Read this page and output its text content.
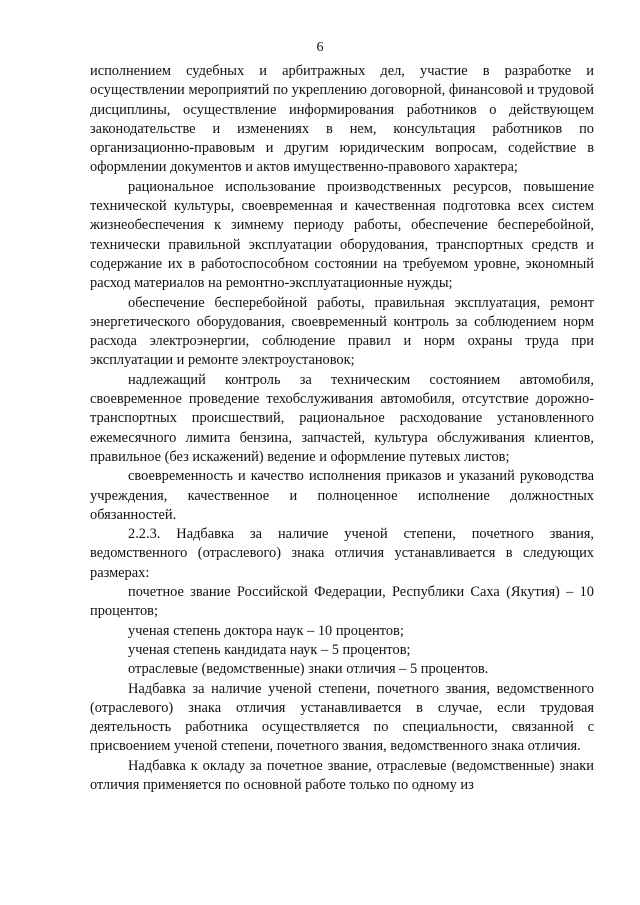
6

исполнением судебных и арбитражных дел, участие в разработке и осуществлении мероприятий по укреплению договорной, финансовой и трудовой дисциплины, осуществление информирования работников о действующем законодательстве и изменениях в нем, консультация работников по организационно-правовым и другим юридическим вопросам, содействие в оформлении документов и актов имущественно-правового характера;

рациональное использование производственных ресурсов, повышение технической культуры, своевременная и качественная подготовка всех систем жизнеобеспечения к зимнему периоду работы, обеспечение бесперебойной, технически правильной эксплуатации оборудования, транспортных средств и содержание их в работоспособном состоянии на требуемом уровне, экономный расход материалов на ремонтно-эксплуатационные нужды;

обеспечение бесперебойной работы, правильная эксплуатация, ремонт энергетического оборудования, своевременный контроль за соблюдением норм расхода электроэнергии, соблюдение правил и норм охраны труда при эксплуатации и ремонте электроустановок;

надлежащий контроль за техническим состоянием автомобиля, своевременное проведение техобслуживания автомобиля, отсутствие дорожно-транспортных происшествий, рациональное расходование установленного ежемесячного лимита бензина, запчастей, культура обслуживания клиентов, правильное (без искажений) ведение и оформление путевых листов;

своевременность и качество исполнения приказов и указаний руководства учреждения, качественное и полноценное исполнение должностных обязанностей.

2.2.3. Надбавка за наличие ученой степени, почетного звания, ведомственного (отраслевого) знака отличия устанавливается в следующих размерах:

почетное звание Российской Федерации, Республики Саха (Якутия) – 10 процентов;

ученая степень доктора наук – 10 процентов;

ученая степень кандидата наук – 5 процентов;

отраслевые (ведомственные) знаки отличия – 5 процентов.

Надбавка за наличие ученой степени, почетного звания, ведомственного (отраслевого) знака отличия устанавливается в случае, если трудовая деятельность работника осуществляется по специальности, связанной с присвоением ученой степени, почетного звания, ведомственного знака отличия.

Надбавка к окладу за почетное звание, отраслевые (ведомственные) знаки отличия применяется по основной работе только по одному из
